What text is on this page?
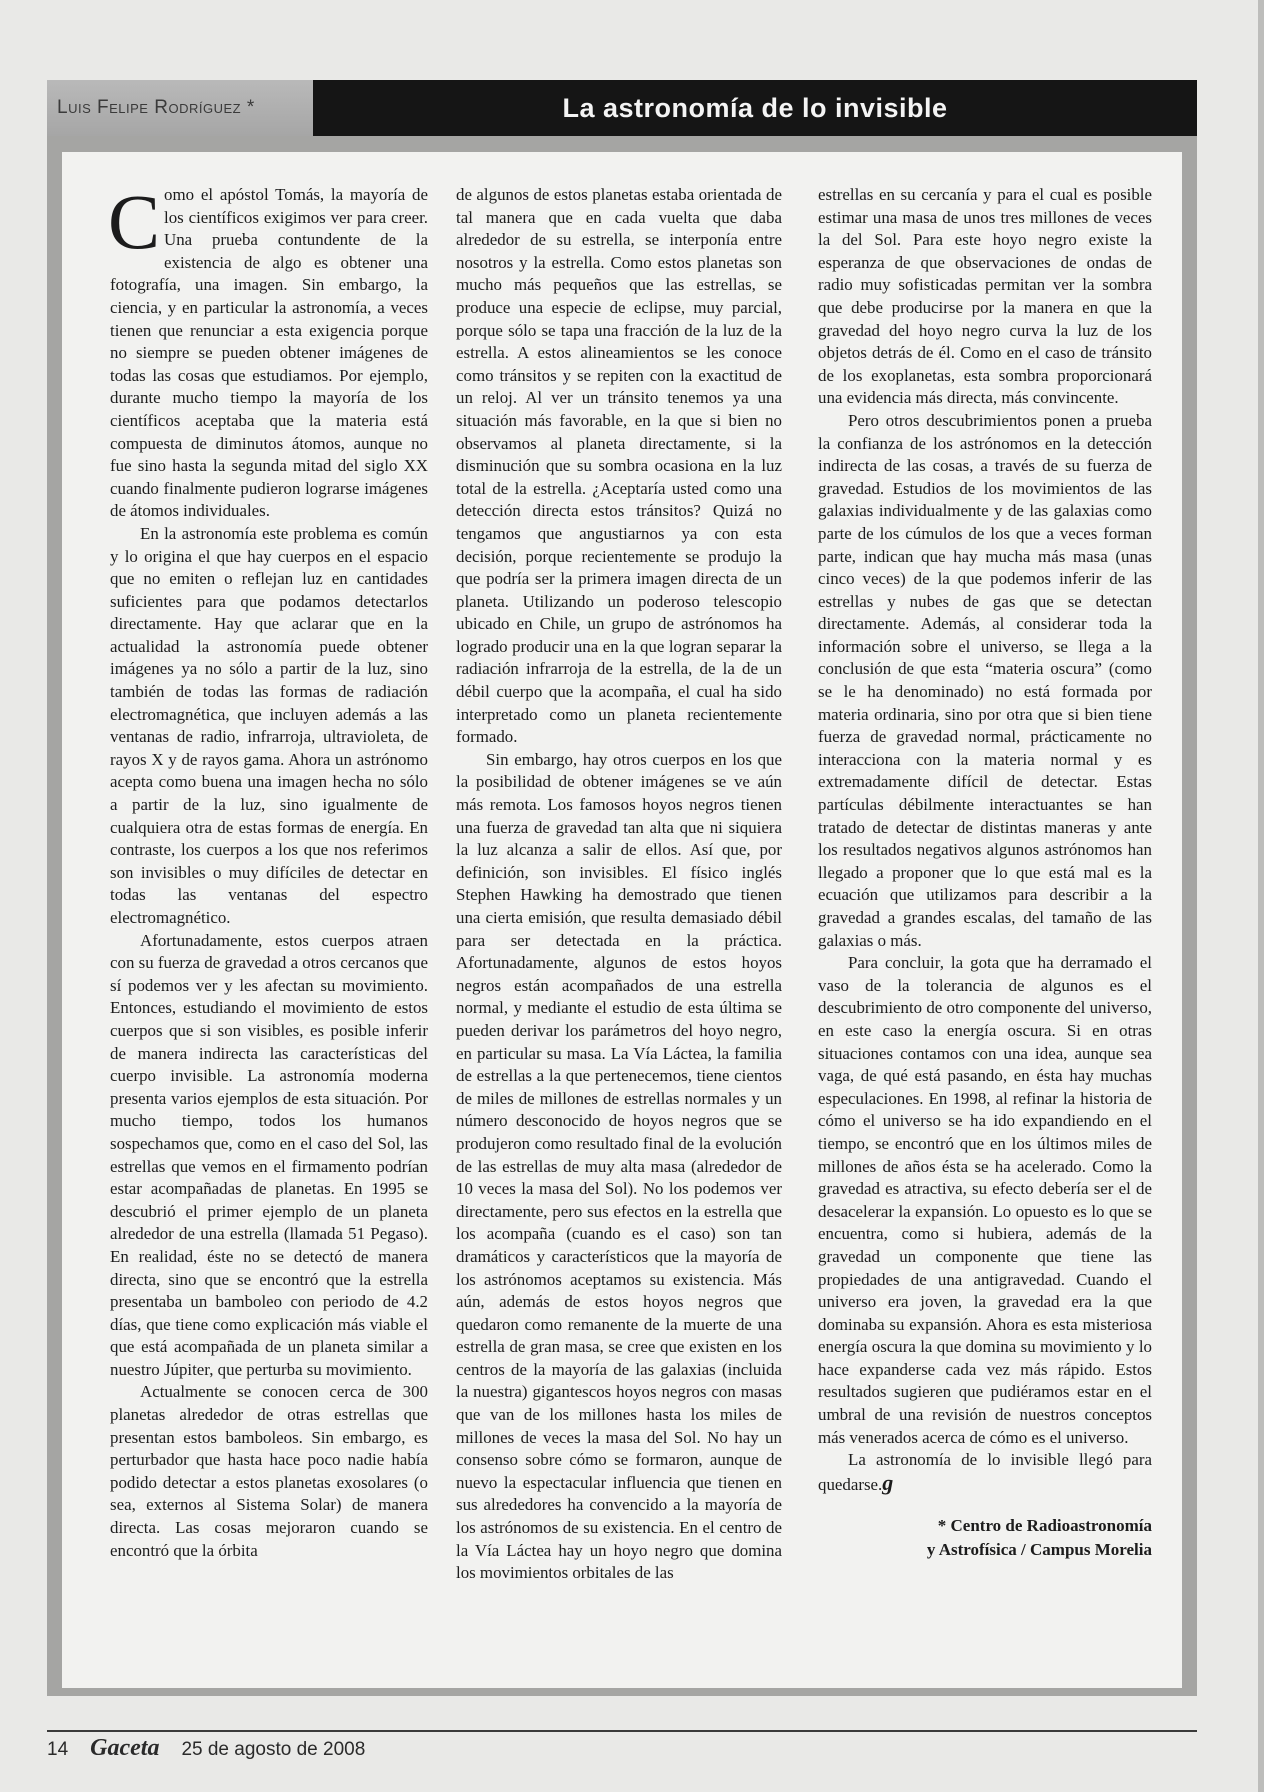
Luis Felipe Rodríguez *	La astronomía de lo invisible

Como el apóstol Tomás, la mayoría de los científicos exigimos ver para creer. Una prueba contundente de la existencia de algo es obtener una fotografía, una imagen. Sin embargo, la ciencia, y en particular la astronomía, a veces tienen que renunciar a esta exigencia porque no siempre se pueden obtener imágenes de todas las cosas que estudiamos. Por ejemplo, durante mucho tiempo la mayoría de los científicos aceptaba que la materia está compuesta de diminutos átomos, aunque no fue sino hasta la segunda mitad del siglo XX cuando finalmente pudieron lograrse imágenes de átomos individuales.

En la astronomía este problema es común y lo origina el que hay cuerpos en el espacio que no emiten o reflejan luz en cantidades suficientes para que podamos detectarlos directamente. Hay que aclarar que en la actualidad la astronomía puede obtener imágenes ya no sólo a partir de la luz, sino también de todas las formas de radiación electromagnética, que incluyen además a las ventanas de radio, infrarroja, ultravioleta, de rayos X y de rayos gama. Ahora un astrónomo acepta como buena una imagen hecha no sólo a partir de la luz, sino igualmente de cualquiera otra de estas formas de energía. En contraste, los cuerpos a los que nos referimos son invisibles o muy difíciles de detectar en todas las ventanas del espectro electromagnético.

Afortunadamente, estos cuerpos atraen con su fuerza de gravedad a otros cercanos que sí podemos ver y les afectan su movimiento. Entonces, estudiando el movimiento de estos cuerpos que si son visibles, es posible inferir de manera indirecta las características del cuerpo invisible. La astronomía moderna presenta varios ejemplos de esta situación. Por mucho tiempo, todos los humanos sospechamos que, como en el caso del Sol, las estrellas que vemos en el firmamento podrían estar acompañadas de planetas. En 1995 se descubrió el primer ejemplo de un planeta alrededor de una estrella (llamada 51 Pegaso). En realidad, éste no se detectó de manera directa, sino que se encontró que la estrella presentaba un bamboleo con periodo de 4.2 días, que tiene como explicación más viable el que está acompañada de un planeta similar a nuestro Júpiter, que perturba su movimiento.

Actualmente se conocen cerca de 300 planetas alrededor de otras estrellas que presentan estos bamboleos. Sin embargo, es perturbador que hasta hace poco nadie había podido detectar a estos planetas exosolares (o sea, externos al Sistema Solar) de manera directa. Las cosas mejoraron cuando se encontró que la órbita

de algunos de estos planetas estaba orientada de tal manera que en cada vuelta que daba alrededor de su estrella, se interponía entre nosotros y la estrella. Como estos planetas son mucho más pequeños que las estrellas, se produce una especie de eclipse, muy parcial, porque sólo se tapa una fracción de la luz de la estrella. A estos alineamientos se les conoce como tránsitos y se repiten con la exactitud de un reloj. Al ver un tránsito tenemos ya una situación más favorable, en la que si bien no observamos al planeta directamente, si la disminución que su sombra ocasiona en la luz total de la estrella. ¿Aceptaría usted como una detección directa estos tránsitos? Quizá no tengamos que angustiarnos ya con esta decisión, porque recientemente se produjo la que podría ser la primera imagen directa de un planeta. Utilizando un poderoso telescopio ubicado en Chile, un grupo de astrónomos ha logrado producir una en la que logran separar la radiación infrarroja de la estrella, de la de un débil cuerpo que la acompaña, el cual ha sido interpretado como un planeta recientemente formado.

Sin embargo, hay otros cuerpos en los que la posibilidad de obtener imágenes se ve aún más remota. Los famosos hoyos negros tienen una fuerza de gravedad tan alta que ni siquiera la luz alcanza a salir de ellos. Así que, por definición, son invisibles. El físico inglés Stephen Hawking ha demostrado que tienen una cierta emisión, que resulta demasiado débil para ser detectada en la práctica. Afortunadamente, algunos de estos hoyos negros están acompañados de una estrella normal, y mediante el estudio de esta última se pueden derivar los parámetros del hoyo negro, en particular su masa. La Vía Láctea, la familia de estrellas a la que pertenecemos, tiene cientos de miles de millones de estrellas normales y un número desconocido de hoyos negros que se produjeron como resultado final de la evolución de las estrellas de muy alta masa (alrededor de 10 veces la masa del Sol). No los podemos ver directamente, pero sus efectos en la estrella que los acompaña (cuando es el caso) son tan dramáticos y característicos que la mayoría de los astrónomos aceptamos su existencia. Más aún, además de estos hoyos negros que quedaron como remanente de la muerte de una estrella de gran masa, se cree que existen en los centros de la mayoría de las galaxias (incluida la nuestra) gigantescos hoyos negros con masas que van de los millones hasta los miles de millones de veces la masa del Sol. No hay un consenso sobre cómo se formaron, aunque de nuevo la espectacular influencia que tienen en sus alrededores ha convencido a la mayoría de los astrónomos de su existencia. En el centro de la Vía Láctea hay un hoyo negro que domina los movimientos orbitales de las

estrellas en su cercanía y para el cual es posible estimar una masa de unos tres millones de veces la del Sol. Para este hoyo negro existe la esperanza de que observaciones de ondas de radio muy sofisticadas permitan ver la sombra que debe producirse por la manera en que la gravedad del hoyo negro curva la luz de los objetos detrás de él. Como en el caso de tránsito de los exoplanetas, esta sombra proporcionará una evidencia más directa, más convincente.

Pero otros descubrimientos ponen a prueba la confianza de los astrónomos en la detección indirecta de las cosas, a través de su fuerza de gravedad. Estudios de los movimientos de las galaxias individualmente y de las galaxias como parte de los cúmulos de los que a veces forman parte, indican que hay mucha más masa (unas cinco veces) de la que podemos inferir de las estrellas y nubes de gas que se detectan directamente. Además, al considerar toda la información sobre el universo, se llega a la conclusión de que esta “materia oscura” (como se le ha denominado) no está formada por materia ordinaria, sino por otra que si bien tiene fuerza de gravedad normal, prácticamente no interacciona con la materia normal y es extremadamente difícil de detectar. Estas partículas débilmente interactuantes se han tratado de detectar de distintas maneras y ante los resultados negativos algunos astrónomos han llegado a proponer que lo que está mal es la ecuación que utilizamos para describir a la gravedad a grandes escalas, del tamaño de las galaxias o más.

Para concluir, la gota que ha derramado el vaso de la tolerancia de algunos es el descubrimiento de otro componente del universo, en este caso la energía oscura. Si en otras situaciones contamos con una idea, aunque sea vaga, de qué está pasando, en ésta hay muchas especulaciones. En 1998, al refinar la historia de cómo el universo se ha ido expandiendo en el tiempo, se encontró que en los últimos miles de millones de años ésta se ha acelerado. Como la gravedad es atractiva, su efecto debería ser el de desacelerar la expansión. Lo opuesto es lo que se encuentra, como si hubiera, además de la gravedad un componente que tiene las propiedades de una antigravedad. Cuando el universo era joven, la gravedad era la que dominaba su expansión. Ahora es esta misteriosa energía oscura la que domina su movimiento y lo hace expanderse cada vez más rápido. Estos resultados sugieren que pudiéramos estar en el umbral de una revisión de nuestros conceptos más venerados acerca de cómo es el universo.

La astronomía de lo invisible llegó para quedarse.g

* Centro de Radioastronomía
y Astrofísica / Campus Morelia
14 Gaceta 25 de agosto de 2008
